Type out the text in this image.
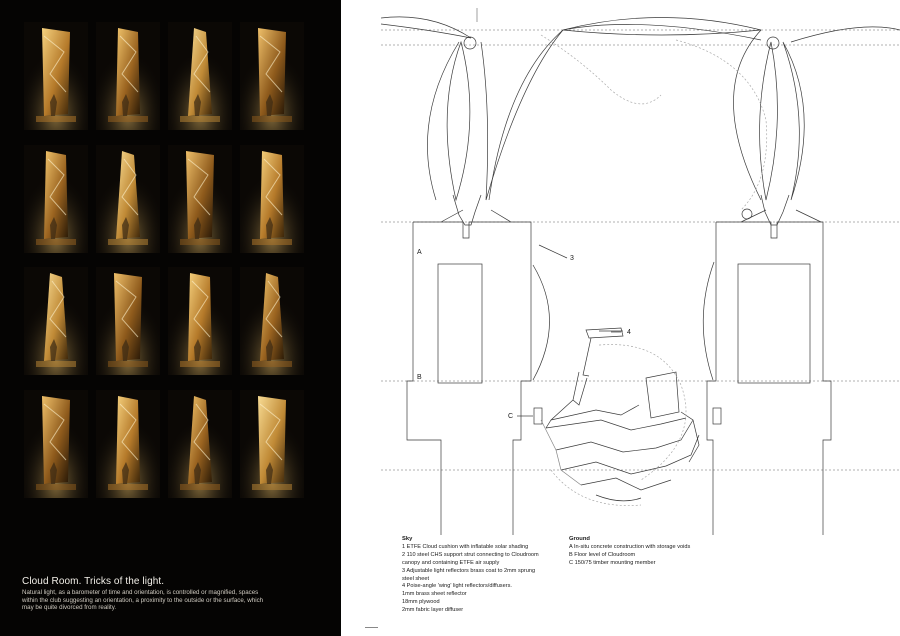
Cloud Room. Tricks of the light.
Natural light, as a barometer of time and orientation, is controlled or magnified, spaces
within the club suggesting an orientation, a proximity to the outside or the surface, which
may be quite divorced from reality.
3
4
A
B
C
Sky
1 ETFE Cloud cushion with inflatable solar shading
2 110 steel CHS support strut connecting to Cloudroom
canopy and containing ETFE air supply
3 Adjustable light reflectors brass coat to 2mm sprung
steel sheet
4 Poise-angle 'wing' light reflectors/diffusers.
1mm brass sheet reflector
18mm plywood
2mm fabric layer diffuser
Ground
A In-situ concrete construction with storage voids
B Floor level of Cloudroom
C 150/75 timber mounting member
